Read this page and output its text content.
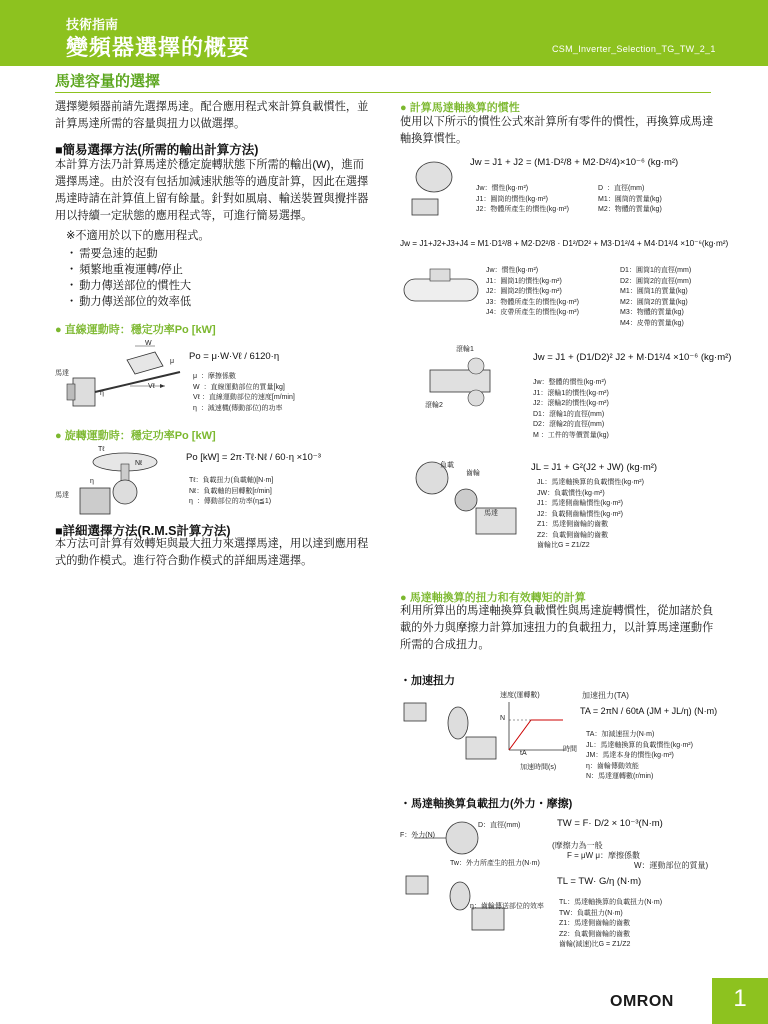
技術指南
變頻器選擇的概要	CSM_Inverter_Selection_TG_TW_2_1
馬達容量的選擇

選擇變頻器前請先選擇馬達。配合應用程式來計算負載慣性，並計算馬達所需的容量與扭力以做選擇。

■簡易選擇方法(所需的輸出計算方法)

本計算方法乃計算馬達於穩定旋轉狀態下所需的輸出(W)，進而選擇馬達。由於沒有包括加減速狀態等的過度計算，因此在選擇馬達時請在計算值上留有餘量。針對如風扇、輸送裝置與攪拌器用以持續一定狀態的應用程式等，可進行簡易選擇。

※不適用於以下的應用程式。
・ 需要急速的起動
・ 頻繁地重複運轉/停止
・ 動力傳送部位的慣性大
・ 動力傳送部位的效率低
● 直線運動時：穩定功率Po [kW]
馬達
W
μ
Vℓ
η
Po = μ·W·Vℓ / 6120·η
μ  ：摩擦係數
W  ：直線運動部位的質量[kg]
Vℓ ：直線運動部位的速度[m/min]
η  ：減速機(傳動部位)的功率
● 旋轉運動時：穩定功率Po [kW]
Tℓ
Nℓ
η
馬達
Po [kW] = 2π·Tℓ·Nℓ / 60·η ×10⁻³
Tℓ：負載扭力(負載軸)[N·m]
Nℓ：負載軸的回轉數[r/min]
η  ：傳動部位的功率(η≦1)
■詳細選擇方法(R.M.S計算方法)

本方法可計算有效轉矩與最大扭力來選擇馬達，用以達到應用程式的動作模式。進行符合動作模式的詳細馬達選擇。

● 計算馬達軸換算的慣性

使用以下所示的慣性公式來計算所有零件的慣性，再換算成馬達軸換算慣性。

Jw = J1 + J2 = (M1·D²/8 + M2·D²/4)×10⁻⁶ (kg·m²)
Jw：慣性(kg·m²)
J1：圓筒的慣性(kg·m²)
J2：物體所產生的慣性(kg·m²)
D  ：直徑(mm)
M1：圓筒的質量(kg)
M2：物體的質量(kg)
Jw = J1+J2+J3+J4 = M1·D1²/8 + M2·D2²/8 · D1²/D2² + M3·D1²/4 + M4·D1²/4 ×10⁻⁶(kg·m²)
Jw：慣性(kg·m²)
J1：圓筒1的慣性(kg·m²)
J2：圓筒2的慣性(kg·m²)
J3：物體所產生的慣性(kg·m²)
J4：皮帶所產生的慣性(kg·m²)
D1：圓筒1的直徑(mm)
D2：圓筒2的直徑(mm)
M1：圓筒1的質量(kg)
M2：圓筒2的質量(kg)
M3：物體的質量(kg)
M4：皮帶的質量(kg)
滾輪1
滾輪2
Jw = J1 + (D1/D2)² J2 + M·D1²/4 ×10⁻⁶ (kg·m²)
Jw：整體的慣性(kg·m²)
J1：滾輪1的慣性(kg·m²)
J2：滾輪2的慣性(kg·m²)
D1：滾輪1的直徑(mm)
D2：滾輪2的直徑(mm)
M ：工件的等價質量(kg)
負載
齒輪
馬達
JL = J1 + G²(J2 + JW) (kg·m²)
JL：馬達軸換算的負載慣性(kg·m²)
JW：負載慣性(kg·m²)
J1：馬達側齒輪慣性(kg·m²)
J2：負載側齒輪慣性(kg·m²)
Z1：馬達側齒輪的齒數
Z2：負載側齒輪的齒數
齒輪比G = Z1/Z2
● 馬達軸換算的扭力和有效轉矩的計算

利用所算出的馬達軸換算負載慣性與馬達旋轉慣性，從加諸於負載的外力與摩擦力計算加速扭力的負載扭力，以計算馬達運動作所需的合成扭力。

・加速扭力
速度(運轉數)
N
tA
時間
加速時間(s)
加速扭力(TA)
TA = 2πN / 60tA (JM + JL/η) (N·m)
TA：加減速扭力(N·m)
JL：馬達軸換算的負載慣性(kg·m²)
JM：馬達本身的慣性(kg·m²)
η：齒輪傳動效能
N：馬達運轉數(r/min)
・馬達軸換算負載扭力(外力・摩擦)
D：直徑(mm)
F：外力(N)
Tw：外力所產生的扭力(N·m)
TW = F· D/2 × 10⁻³(N·m)
(摩擦力為一般
F = μW μ：摩擦係數
W：運動部位的質量)
η：齒輪傳送部位的效率
TL = TW· G/η (N·m)
TL：馬達軸換算的負載扭力(N·m)
TW：負載扭力(N·m)
Z1：馬達側齒輪的齒數
Z2：負載側齒輪的齒數
齒輪(減速)比G = Z1/Z2
OMRON	1
